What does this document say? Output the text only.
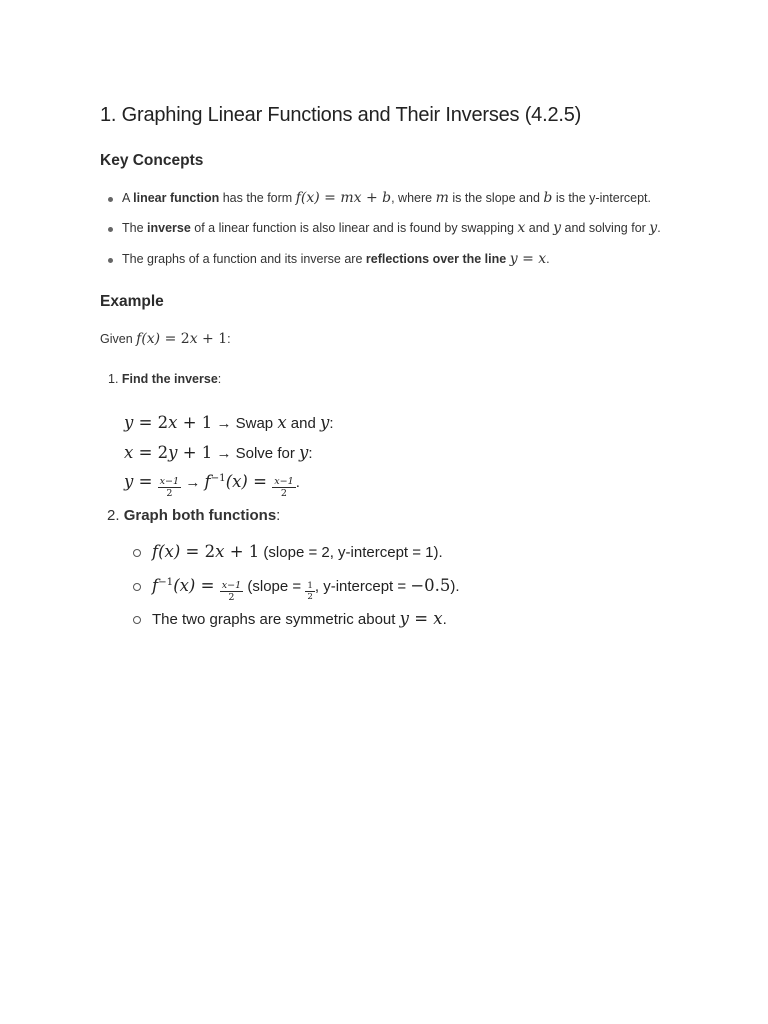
1. Graphing Linear Functions and Their Inverses (4.2.5)
Key Concepts
A linear function has the form f(x) = mx + b, where m is the slope and b is the y-intercept.
The inverse of a linear function is also linear and is found by swapping x and y and solving for y.
The graphs of a function and its inverse are reflections over the line y = x.
Example
Given f(x) = 2x + 1:
1. Find the inverse:
y = 2x + 1 → Swap x and y:
x = 2y + 1 → Solve for y:
$y = \frac{x-1}{2} \to f^{-1}(x) = \frac{x-1}{2}$ .
2. Graph both functions:
f(x) = 2x + 1 (slope = 2, y-intercept = 1).
$f^{-1}(x) = \frac{x-1}{2}$ (slope = $\frac{1}{2}$ , y-intercept = −0.5).
The two graphs are symmetric about y = x.
